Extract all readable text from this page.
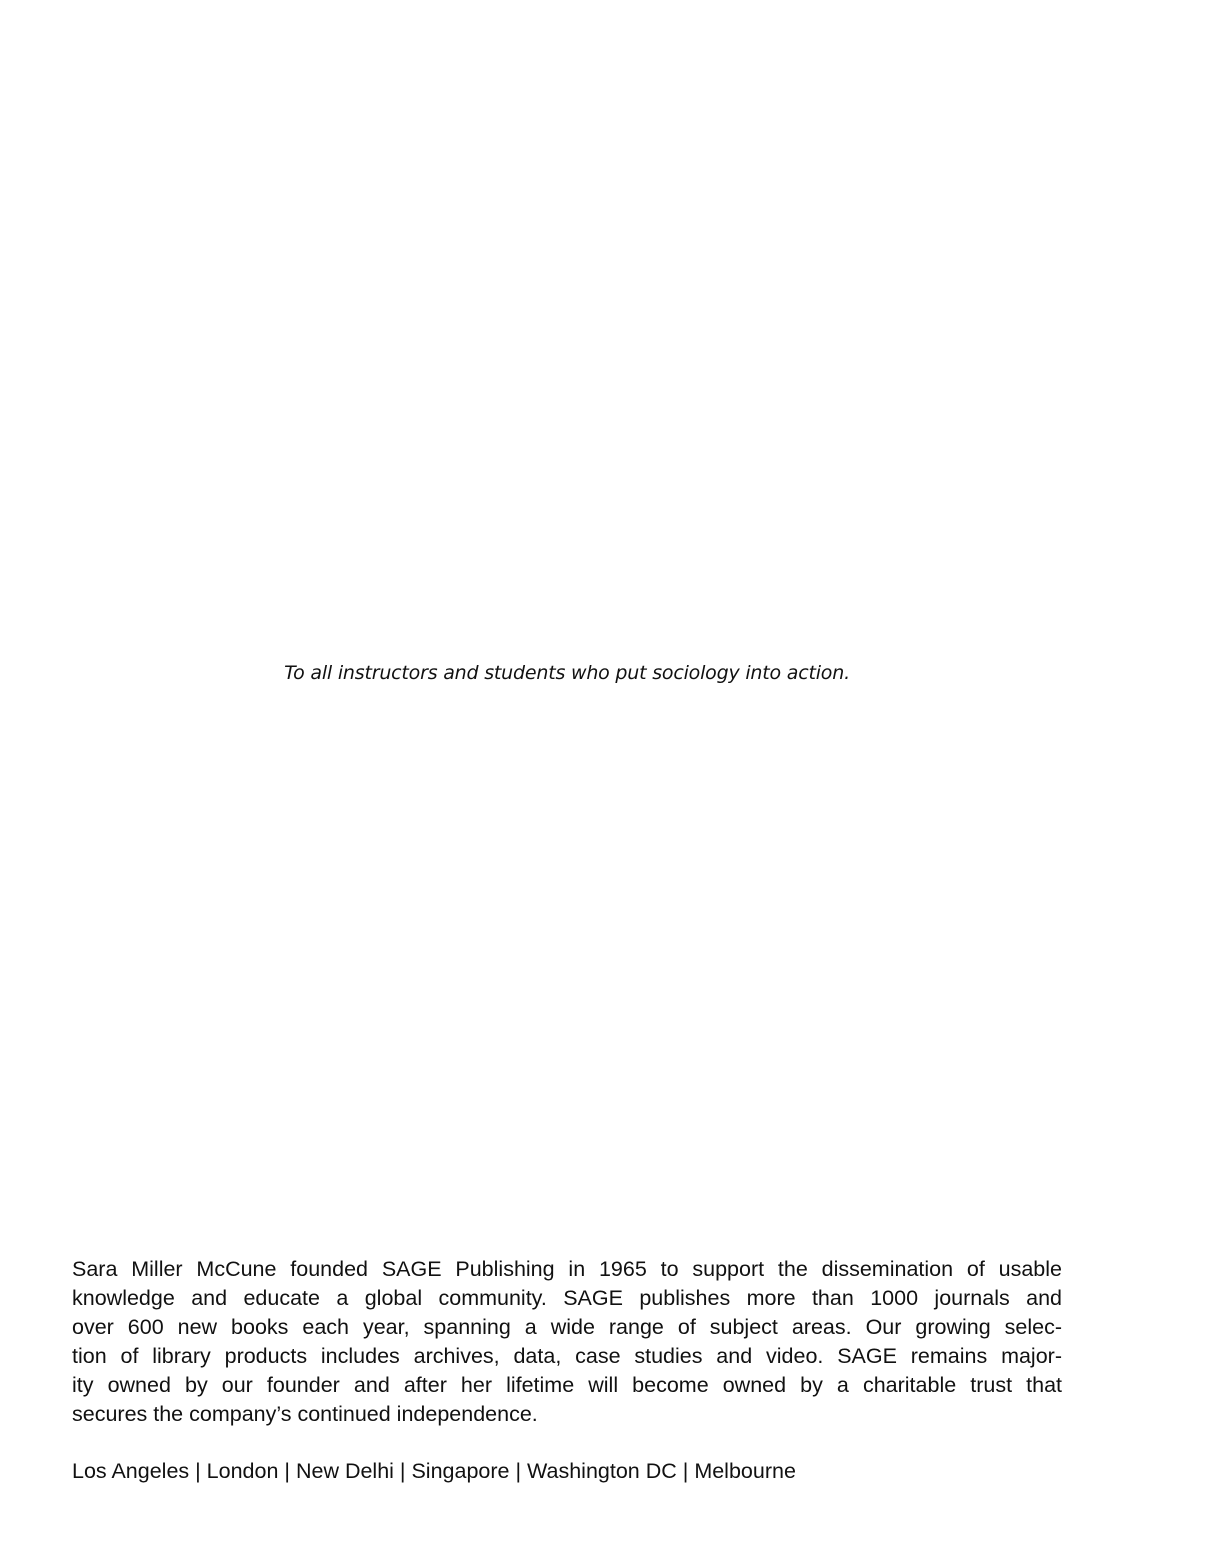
To all instructors and students who put sociology into action.

Sara Miller McCune founded SAGE Publishing in 1965 to support the dissemination of usable
knowledge and educate a global community. SAGE publishes more than 1000 journals and
over 600 new books each year, spanning a wide range of subject areas. Our growing selec-
tion of library products includes archives, data, case studies and video. SAGE remains major-
ity owned by our founder and after her lifetime will become owned by a charitable trust that
secures the company’s continued independence.

Los Angeles | London | New Delhi | Singapore | Washington DC | Melbourne
